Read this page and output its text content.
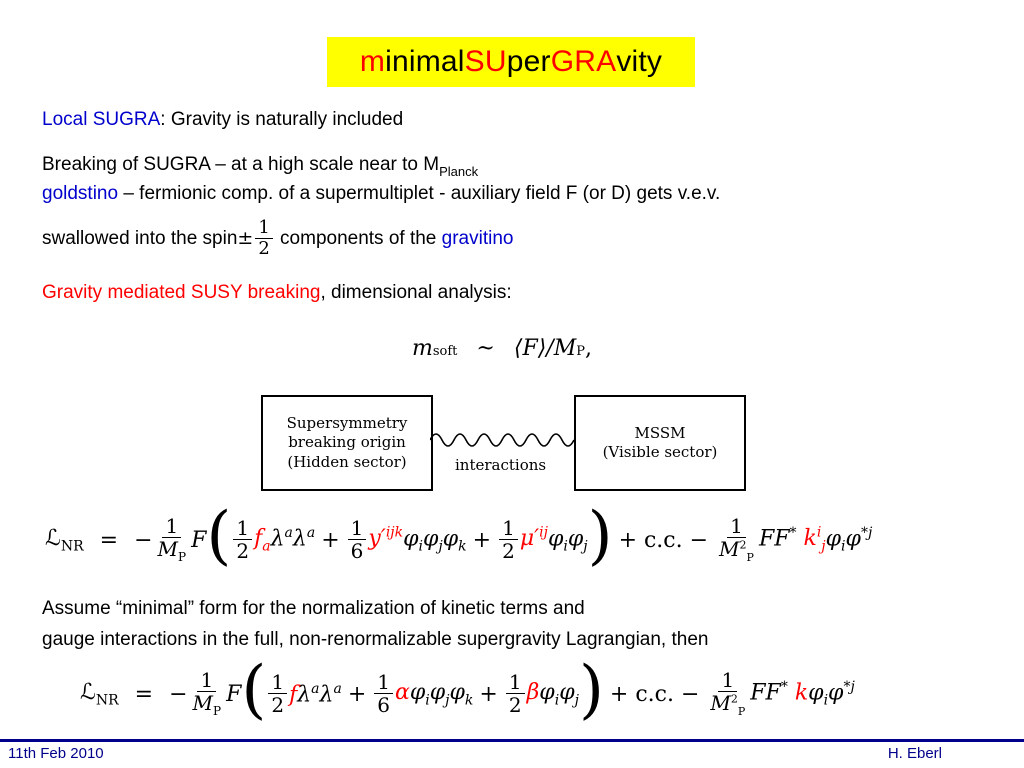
m inimal SU per GRA vity
Local SUGRA: Gravity is naturally included
Breaking of SUGRA – at a high scale near to $M_{Planck}$
goldstino – fermionic comp. of a supermultiplet - auxiliary field F (or D) gets v.e.v.
swallowed into the spin ± $\frac{1}{2}$ components of the gravitino
Gravity mediated SUSY breaking, dimensional analysis:
msoft ~ ⟨F⟩/MP,
Supersymmetry
breaking origin
(Hidden sector)	interactions
MSSM
(Visible sector)
ℒ$_{NR}$ = − $\frac{1}{M_P}$ F ( $\frac{1}{2} f_a\lambda^a\lambda^a + \frac{1}{6} y'^{ijk}\varphi_i\varphi_j\varphi_k + \frac{1}{2} \mu'^{ij}\varphi_i\varphi_j$ ) + c.c. − $\frac{1}{M^2_P} FF^*$ $k^i_j\varphi_i\varphi^{*j}$
Assume “minimal” form for the normalization of kinetic terms and
gauge interactions in the full, non-renormalizable supergravity Lagrangian, then
ℒ$_{NR}$ = − $\frac{1}{M_P}$ F ( $\frac{1}{2} f\lambda^a\lambda^a + \frac{1}{6} \alpha\varphi_i\varphi_j\varphi_k + \frac{1}{2} \beta\varphi_i\varphi_j$ ) + c.c. − $\frac{1}{M^2_P} FF^*$ $k\varphi_i\varphi^{*j}$
11th Feb 2010	H. Eberl
